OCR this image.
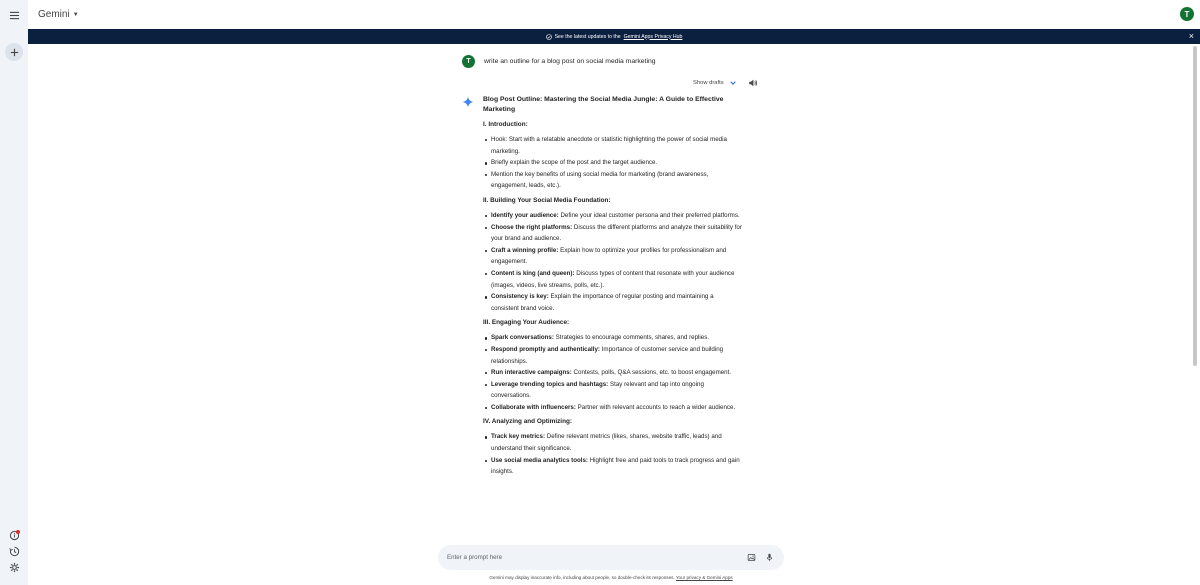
Gemini ▼	T
See the latest updates to the Gemini Apps Privacy Hub	×
T	write an outline for a blog post on social media marketing
Show drafts
Blog Post Outline: Mastering the Social Media Jungle: A Guide to Effective Marketing
I. Introduction:
Hook: Start with a relatable anecdote or statistic highlighting the power of social media marketing.
Briefly explain the scope of the post and the target audience.
Mention the key benefits of using social media for marketing (brand awareness, engagement, leads, etc.).
II. Building Your Social Media Foundation:
Identify your audience: Define your ideal customer persona and their preferred platforms.
Choose the right platforms: Discuss the different platforms and analyze their suitability for your brand and audience.
Craft a winning profile: Explain how to optimize your profiles for professionalism and engagement.
Content is king (and queen): Discuss types of content that resonate with your audience (images, videos, live streams, polls, etc.).
Consistency is key: Explain the importance of regular posting and maintaining a consistent brand voice.
III. Engaging Your Audience:
Spark conversations: Strategies to encourage comments, shares, and replies.
Respond promptly and authentically: Importance of customer service and building relationships.
Run interactive campaigns: Contests, polls, Q&A sessions, etc. to boost engagement.
Leverage trending topics and hashtags: Stay relevant and tap into ongoing conversations.
Collaborate with influencers: Partner with relevant accounts to reach a wider audience.
IV. Analyzing and Optimizing:
Track key metrics: Define relevant metrics (likes, shares, website traffic, leads) and understand their significance.
Use social media analytics tools: Highlight free and paid tools to track progress and gain insights.
Enter a prompt here
Gemini may display inaccurate info, including about people, so double-check its responses. Your privacy & Gemini Apps
